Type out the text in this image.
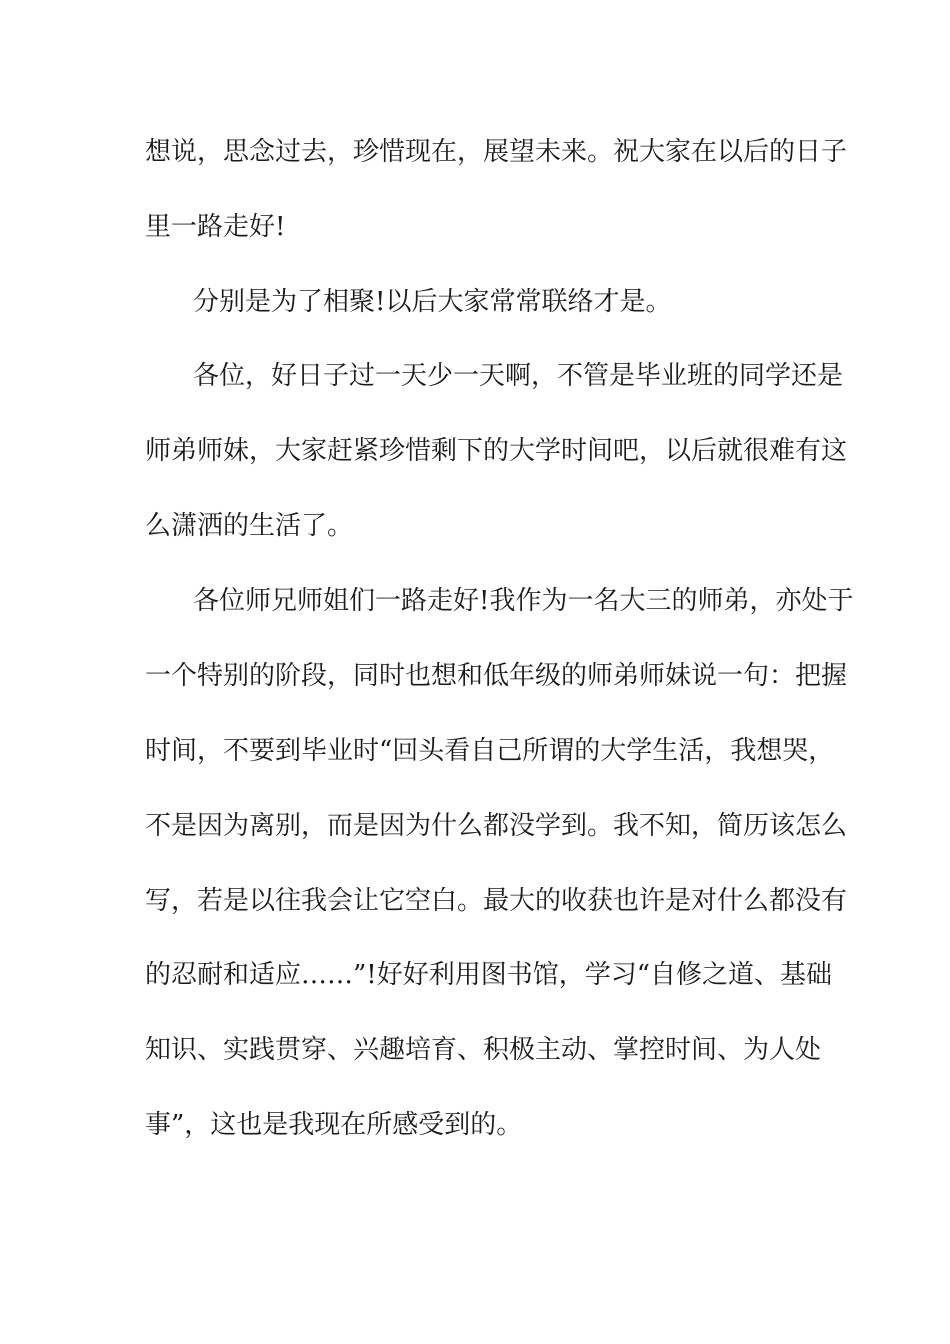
想说，思念过去，珍惜现在，展望未来。祝大家在以后的日子
里一路走好!
分别是为了相聚!以后大家常常联络才是。
各位，好日子过一天少一天啊，不管是毕业班的同学还是
师弟师妹，大家赶紧珍惜剩下的大学时间吧，以后就很难有这
么潇洒的生活了。
各位师兄师姐们一路走好!我作为一名大三的师弟，亦处于
一个特别的阶段，同时也想和低年级的师弟师妹说一句：把握
时间，不要到毕业时“回头看自己所谓的大学生活，我想哭，
不是因为离别，而是因为什么都没学到。我不知，简历该怎么
写，若是以往我会让它空白。最大的收获也许是对什么都没有
的忍耐和适应……”!好好利用图书馆，学习“自修之道、基础
知识、实践贯穿、兴趣培育、积极主动、掌控时间、为人处
事”，这也是我现在所感受到的。
